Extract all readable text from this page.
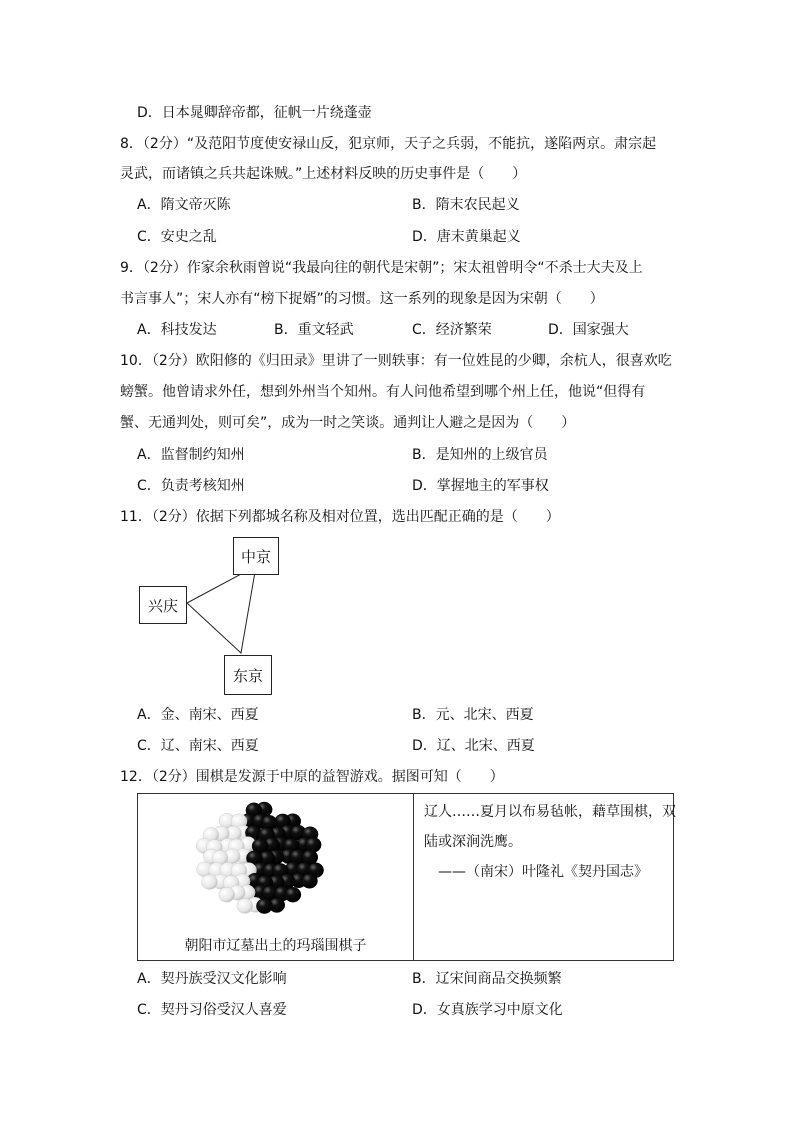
D．日本晁卿辞帝都，征帆一片绕蓬壶
8．（2分）“及范阳节度使安禄山反，犯京师，天子之兵弱，不能抗，遂陷两京。肃宗起
灵武，而诸镇之兵共起诛贼。”上述材料反映的历史事件是（　　）
A．隋文帝灭陈	B．隋末农民起义
C．安史之乱	D．唐末黄巢起义
9．（2分）作家余秋雨曾说“我最向往的朝代是宋朝”；宋太祖曾明令“不杀士大夫及上
书言事人”；宋人亦有“榜下捉婿”的习惯。这一系列的现象是因为宋朝（　　）
A．科技发达	B．重文轻武	C．经济繁荣	D．国家强大
10．（2分）欧阳修的《归田录》里讲了一则轶事：有一位姓昆的少卿，余杭人，很喜欢吃
螃蟹。他曾请求外任，想到外州当个知州。有人问他希望到哪个州上任，他说“但得有
蟹、无通判处，则可矣”，成为一时之笑谈。通判让人避之是因为（　　）
A．监督制约知州	B．是知州的上级官员
C．负责考核知州	D．掌握地主的军事权
11．（2分）依据下列都城名称及相对位置，选出匹配正确的是（　　）
中京
兴庆
东京
A．金、南宋、西夏	B．元、北宋、西夏
C．辽、南宋、西夏	D．辽、北宋、西夏
12．（2分）围棋是发源于中原的益智游戏。据图可知（　　）
朝阳市辽墓出土的玛瑙围棋子
辽人……夏月以布易毡帐，藉草围棋，双
陆或深涧洗鹰。
——（南宋）叶隆礼《契丹国志》
A．契丹族受汉文化影响	B．辽宋间商品交换频繁
C．契丹习俗受汉人喜爱	D．女真族学习中原文化
